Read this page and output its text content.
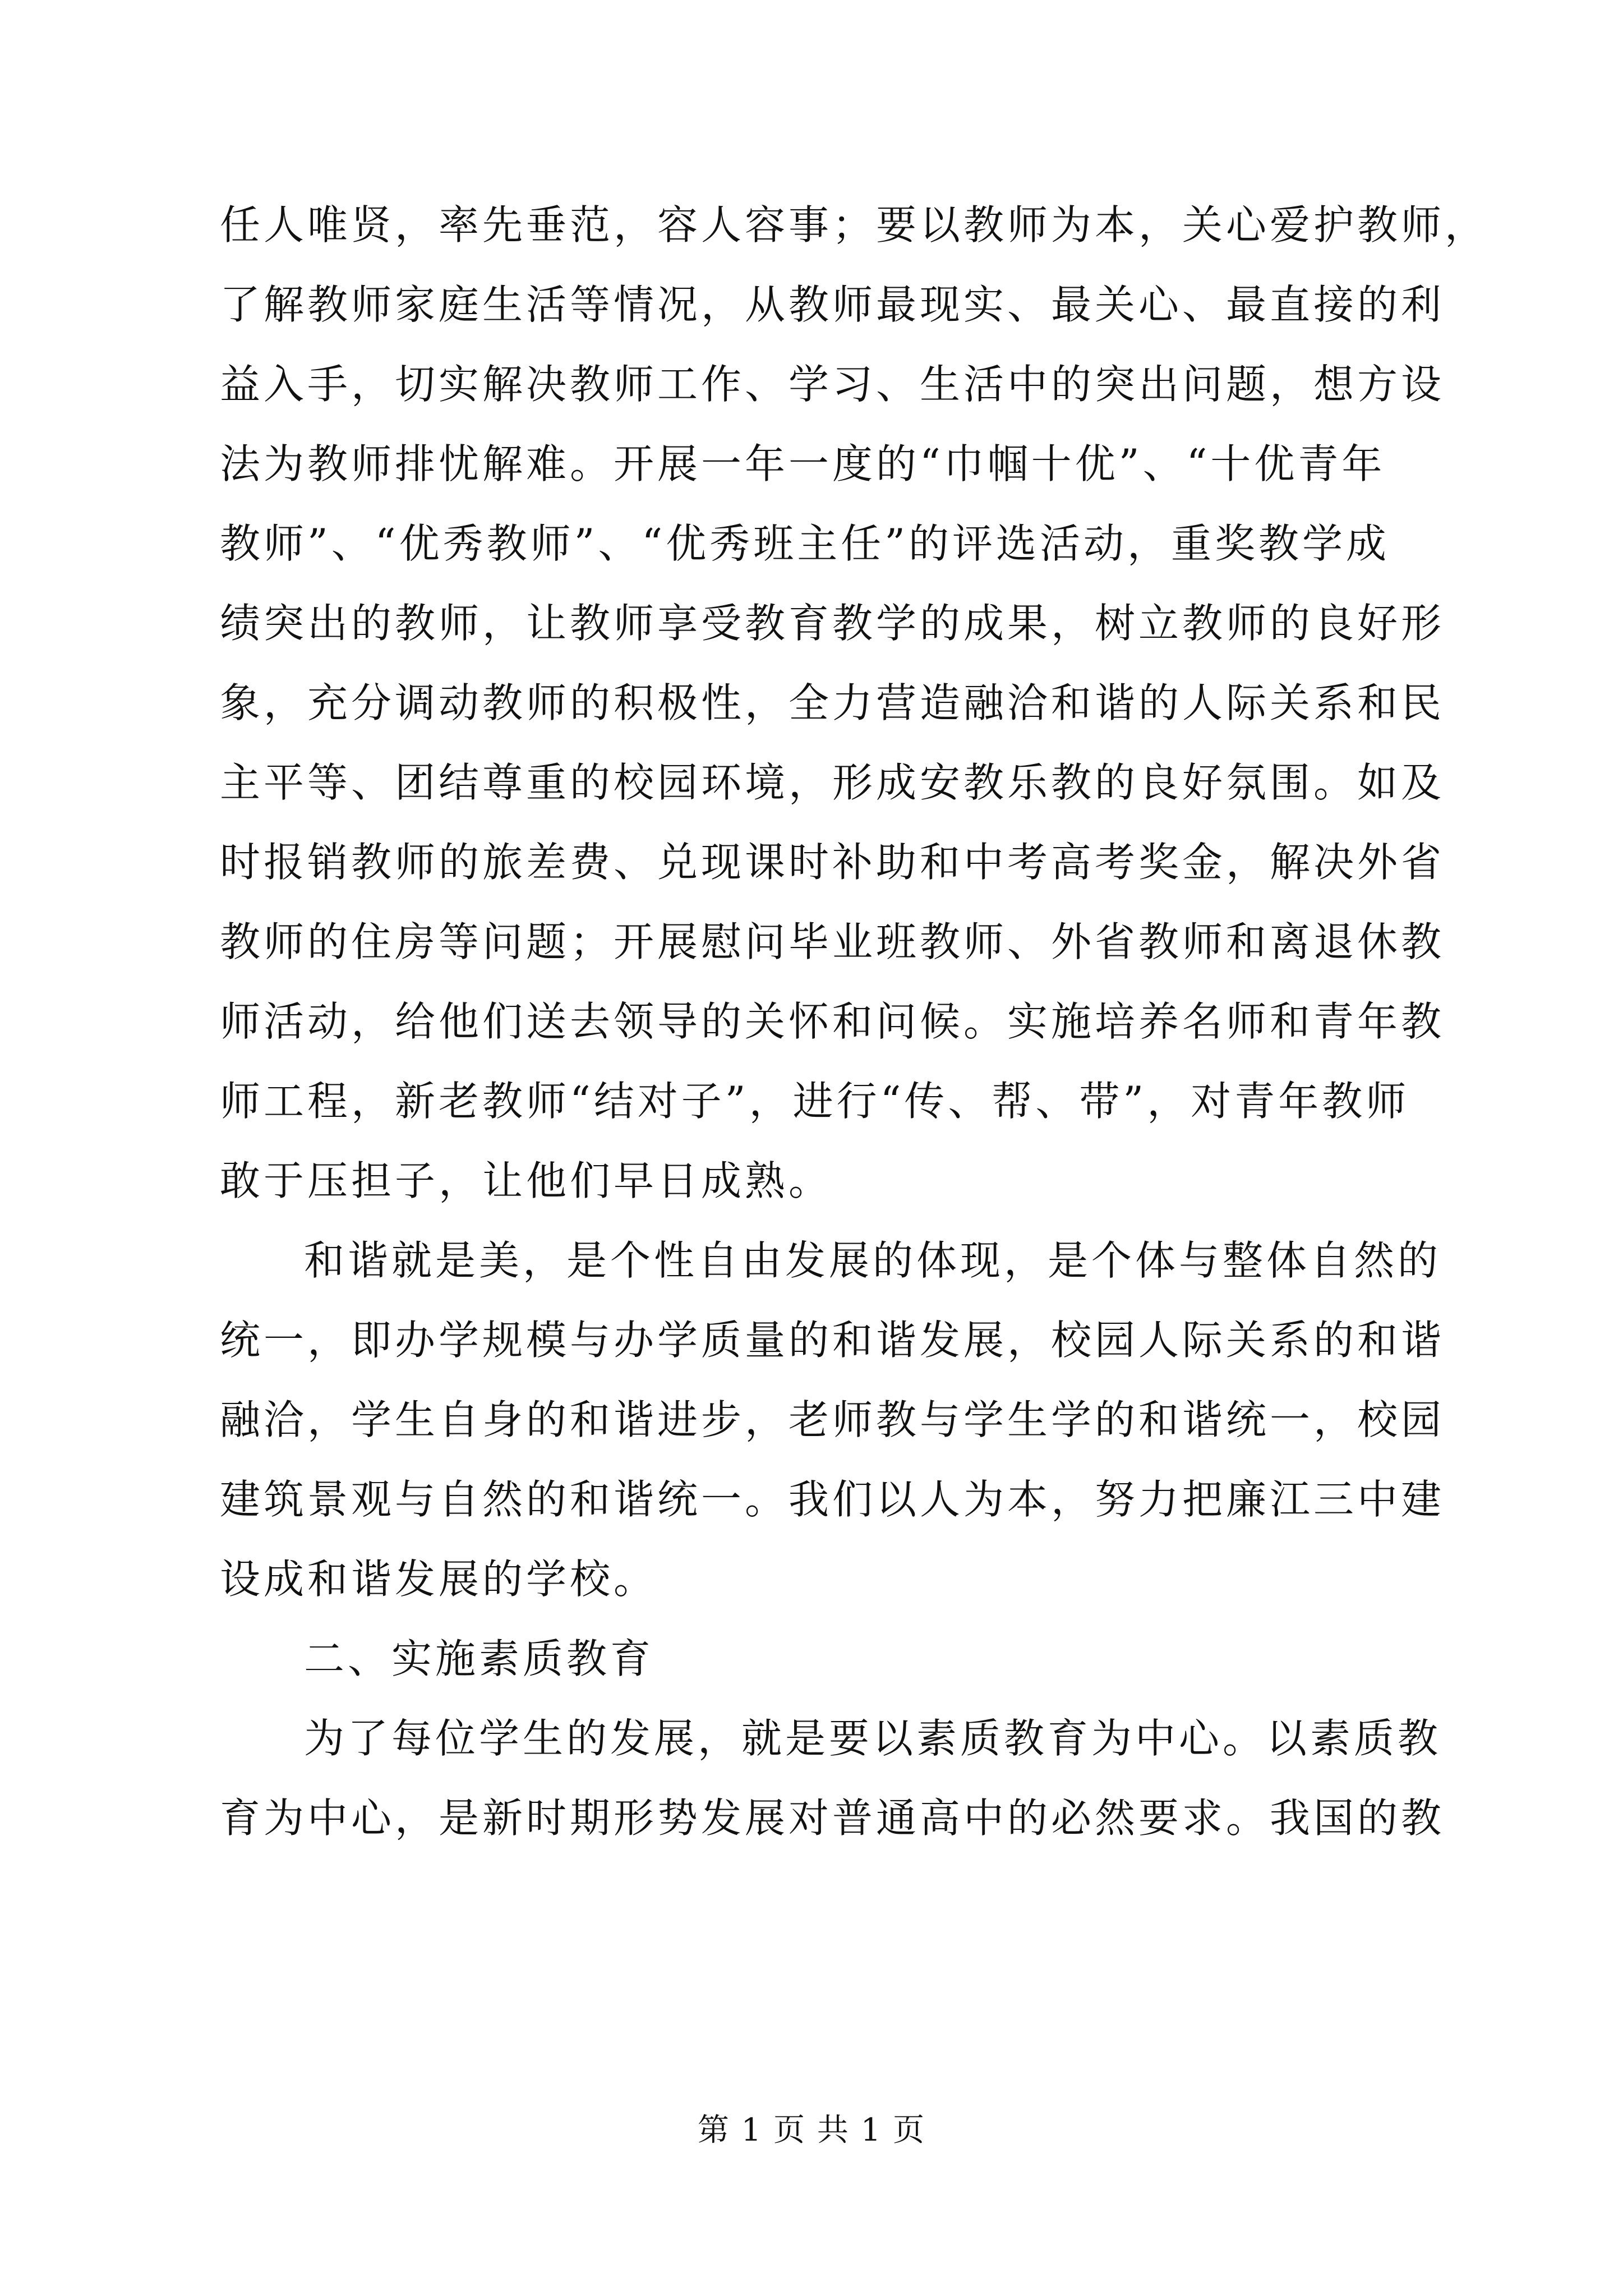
任人唯贤，率先垂范，容人容事；要以教师为本，关心爱护教师，
了解教师家庭生活等情况，从教师最现实、最关心、最直接的利
益入手，切实解决教师工作、学习、生活中的突出问题，想方设
法为教师排忧解难。开展一年一度的“巾帼十优”、“十优青年
教师”、“优秀教师”、“优秀班主任”的评选活动，重奖教学成
绩突出的教师，让教师享受教育教学的成果，树立教师的良好形
象，充分调动教师的积极性，全力营造融洽和谐的人际关系和民
主平等、团结尊重的校园环境，形成安教乐教的良好氛围。如及
时报销教师的旅差费、兑现课时补助和中考高考奖金，解决外省
教师的住房等问题；开展慰问毕业班教师、外省教师和离退休教
师活动，给他们送去领导的关怀和问候。实施培养名师和青年教
师工程，新老教师“结对子”，进行“传、帮、带”，对青年教师
敢于压担子，让他们早日成熟。
和谐就是美，是个性自由发展的体现，是个体与整体自然的
统一，即办学规模与办学质量的和谐发展，校园人际关系的和谐
融洽，学生自身的和谐进步，老师教与学生学的和谐统一，校园
建筑景观与自然的和谐统一。我们以人为本，努力把廉江三中建
设成和谐发展的学校。
二、实施素质教育
为了每位学生的发展，就是要以素质教育为中心。以素质教
育为中心，是新时期形势发展对普通高中的必然要求。我国的教
第 1 页 共 1 页
